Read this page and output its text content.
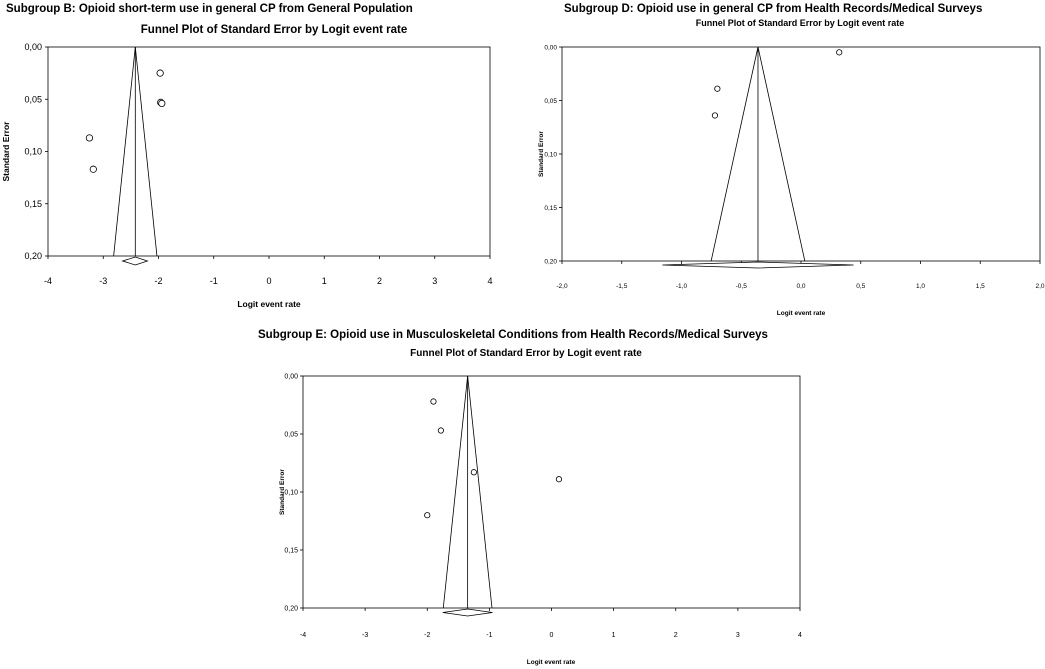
Subgroup B: Opioid short-term use in general CP from General Population	Subgroup D: Opioid use in general CP from Health Records/Medical Surveys
Subgroup E: Opioid use in Musculoskeletal Conditions from Health Records/Medical Surveys
Funnel Plot of Standard Error by Logit event rate
0,00
0,05
0,10
0,15
0,20
-4	-3	-2	-1	0	1	2	3	4
Logit event rate
Standard Error
Funnel Plot of Standard Error by Logit event rate
0,00
0,05
0,10
0,15
0,20
-2,0	-1,5	-1,0	-0,5	0,0	0,5	1,0	1,5	2,0
Logit event rate
Standard Error
Funnel Plot of Standard Error by Logit event rate
0,00
0,05
0,10
0,15
0,20
-4	-3	-2	-1	0	1	2	3	4
Logit event rate
Standard Error
